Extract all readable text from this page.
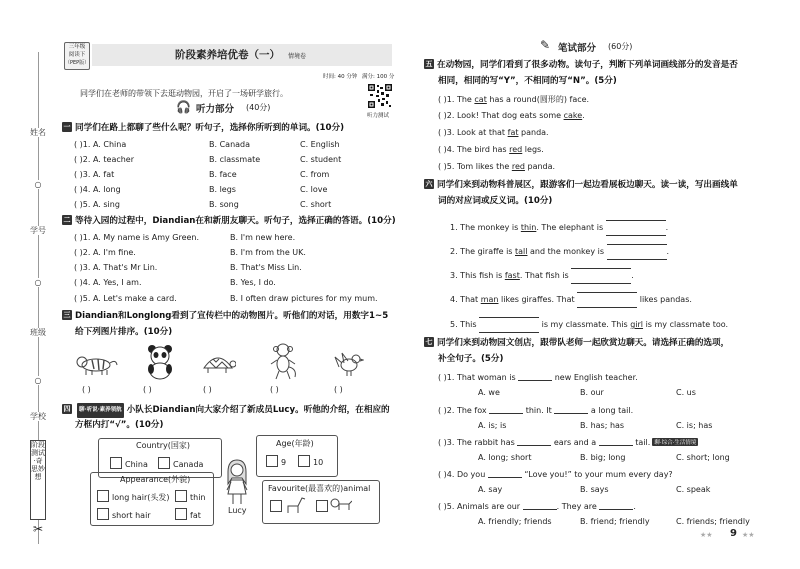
姓名
○
学号
○
班级
○
学校
阶段测试·奇思妙想
✂
三年级
阅读下
（PEP版）
阶段素养培优卷（一） 情境卷
时间: 40 分钟 满分: 100 分
同学们在老师的带领下去逛动物园，开启了一场研学旅行。
听力测试
🎧 听力部分 (40分)
一 同学们在路上都聊了些什么呢？听句子，选择你所听到的单词。(10分)
( )1. A. China	B. Canada	C. English
( )2. A. teacher	B. classmate	C. student
( )3. A. fat	B. face	C. from
( )4. A. long	B. legs	C. love
( )5. A. sing	B. song	C. short
二 等待入园的过程中，Diandian在和新朋友聊天。听句子，选择正确的答语。(10分)
( )1. A. My name is Amy Green.	B. I'm new here.
( )2. A. I'm fine.	B. I'm from the UK.
( )3. A. That's Mr Lin.	B. That's Miss Lin.
( )4. A. Yes, I am.	B. Yes, I do.
( )5. A. Let's make a card.	B. I often draw pictures for my mum.
三 Diandian和Longlong看到了宣传栏中的动物图片。听他们的对话，用数字1~5
给下列图片排序。(10分)
( )	( )	( )	( )	( )
四 聊·听说·素养领航 小队长Diandian向大家介绍了新成员Lucy。听他的介绍，在相应的
方框内打“√”。(10分)
Country(国家)
China	Canada
Appearance(外貌)
long hair(头发)	thin
short hair	fat
Lucy
Age(年龄)
9	10
Favourite(最喜欢的)animal
✎ 笔试部分 (60分)
五 在动物园，同学们看到了很多动物。读句子，判断下列单词画线部分的发音是否
相同，相同的写“Y”，不相同的写“N”。(5分)
( )1. The cat has a round(圆形的) face.
( )2. Look! That dog eats some cake.
( )3. Look at that fat panda.
( )4. The bird has red legs.
( )5. Tom likes the red panda.
六 同学们来到动物科普展区，跟游客们一起边看展板边聊天。读一读，写出画线单
词的对应词或反义词。(10分)
1. The monkey is thin. The elephant is	.
2. The giraffe is tall and the monkey is	.
3. This fish is fast. That fish is	.
4. That man likes giraffes. That	likes pandas.
5. This	is my classmate. This girl is my classmate too.
七 同学们来到动物园文创店，跟带队老师一起欣赏边聊天。请选择正确的选项，
补全句子。(5分)
( )1. That woman is	new English teacher.
A. we	B. our	C. us
( )2. The fox	thin. It	a long tail.
A. is; is	B. has; has	C. is; has
( )3. The rabbit has	ears and a	tail. 聊·综合·生活情境
A. long; short	B. big; long	C. short; long
( )4. Do you	“Love you!” to your mum every day?
A. say	B. says	C. speak
( )5. Animals are our	. They are	.
A. friendly; friends	B. friend; friendly	C. friends; friendly
★★ 9 ★★
